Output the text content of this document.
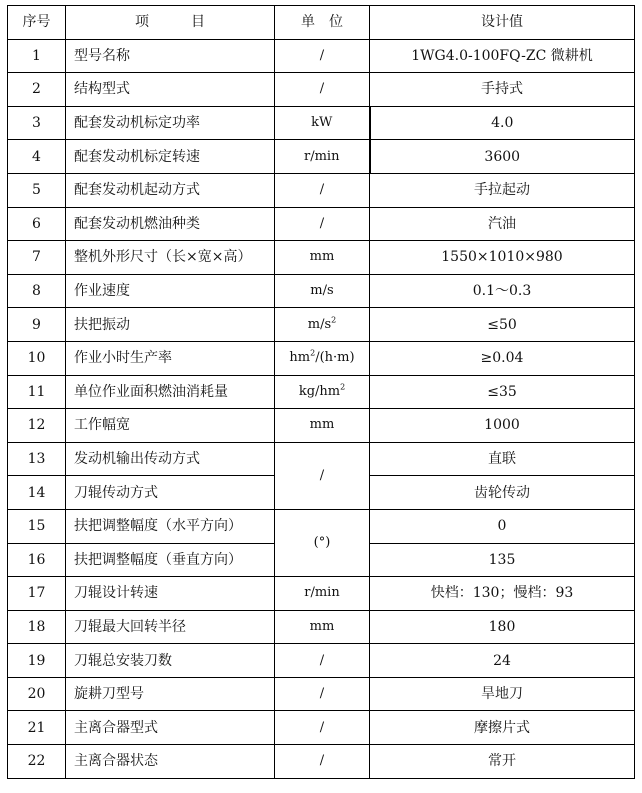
序号	项　　　目	单　位	设计值
1	型号名称	/	1WG4.0-100FQ-ZC 微耕机
2	结构型式	/	手持式
3	配套发动机标定功率	kW	4.0
4	配套发动机标定转速	r/min	3600
5	配套发动机起动方式	/	手拉起动
6	配套发动机燃油种类	/	汽油
7	整机外形尺寸（长×宽×高）	mm	1550×1010×980
8	作业速度	m/s	0.1～0.3
9	扶把振动	$m/s^2$	≤50
10	作业小时生产率	$hm^2/(h\cdot m)$	≥0.04
11	单位作业面积燃油消耗量	$kg/hm^2$	≤35
12	工作幅宽	mm	1000
13	发动机输出传动方式	/	直联
14	刀辊传动方式		齿轮传动
15	扶把调整幅度（水平方向）	(°)	0
16	扶把调整幅度（垂直方向）		135
17	刀辊设计转速	r/min	快档：130；慢档：93
18	刀辊最大回转半径	mm	180
19	刀辊总安装刀数	/	24
20	旋耕刀型号	/	旱地刀
21	主离合器型式	/	摩擦片式
22	主离合器状态	/	常开
